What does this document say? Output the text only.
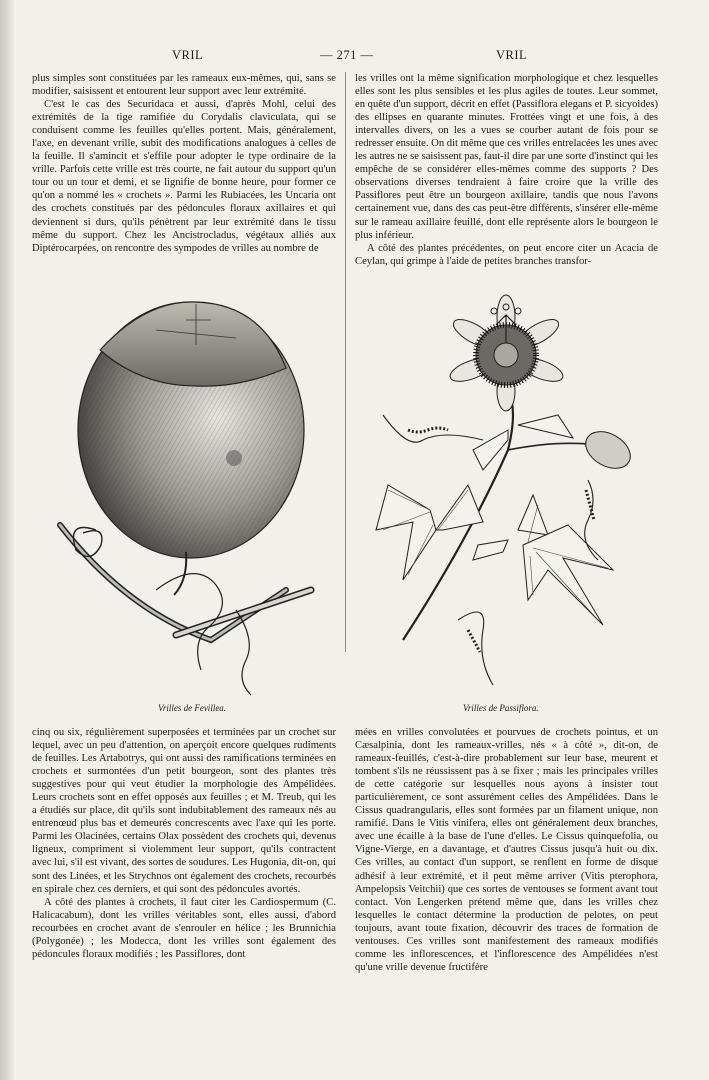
VRIL	— 271 —	VRIL

plus simples sont constituées par les rameaux eux-mêmes, qui, sans se modifier, saisissent et entourent leur support avec leur extrémité.

C'est le cas des Securidaca et aussi, d'après Mohl, celui des extrémités de la tige ramifiée du Corydalis claviculata, qui se conduisent comme les feuilles qu'elles portent. Mais, généralement, l'axe, en devenant vrille, subit des modifications analogues à celles de la feuille. Il s'amincit et s'effile pour adopter le type ordinaire de la vrille. Parfois cette vrille est très courte, ne fait autour du support qu'un tour ou un tour et demi, et se lignifie de bonne heure, pour former ce qu'on a nommé les « crochets ». Parmi les Rubiacées, les Uncaria ont des crochets constitués par des pédoncules floraux axillaires et qui deviennent si durs, qu'ils pénètrent par leur extrémité dans le tissu même du support. Chez les Ancistrocladus, végétaux alliés aux Diptérocarpées, on rencontre des sympodes de vrilles au nombre de

les vrilles ont la même signification morphologique et chez lesquelles elles sont les plus sensibles et les plus agiles de toutes. Leur sommet, en quête d'un support, décrit en effet (Passiflora elegans et P. sicyoides) des ellipses en quarante minutes. Frottées vingt et une fois, à des intervalles divers, on les a vues se courber autant de fois pour se redresser ensuite. On dit même que ces vrilles entrelacées les unes avec les autres ne se saisissent pas, faut-il dire par une sorte d'instinct qui les empêche de se considérer elles-mêmes comme des supports ? Des observations diverses tendraient à faire croire que la vrille des Passiflores peut être un bourgeon axillaire, tandis que nous l'avons certainement vue, dans des cas peut-être différents, s'insérer elle-même sur le rameau axillaire feuillé, dont elle représente alors le bourgeon le plus inférieur.

A côté des plantes précédentes, on peut encore citer un Acacia de Ceylan, qui grimpe à l'aide de petites branches transfor-

Vrilles de Fevillea.	Vrilles de Passiflora.

cinq ou six, régulièrement superposées et terminées par un crochet sur lequel, avec un peu d'attention, on aperçoit encore quelques rudiments de feuilles. Les Artabotrys, qui ont aussi des ramifications terminées en crochets et surmontées d'un petit bourgeon, sont des plantes très suggestives pour qui veut étudier la morphologie des Ampélidées. Leurs crochets sont en effet opposés aux feuilles ; et M. Treub, qui les a étudiés sur place, dit qu'ils sont indubitablement des rameaux nés au entrenœud plus bas et demeurés concrescents avec l'axe qui les porte. Parmi les Olacinées, certains Olax possèdent des crochets qui, devenus ligneux, compriment si violemment leur support, qu'ils contractent avec lui, s'il est vivant, des sortes de soudures. Les Hugonia, dit-on, qui sont des Linées, et les Strychnos ont également des crochets, recourbés en spirale chez ces derniers, et qui sont des pédoncules avortés.

A côté des plantes à crochets, il faut citer les Cardiospermum (C. Halicacabum), dont les vrilles véritables sont, elles aussi, d'abord recourbées en crochet avant de s'enrouler en hélice ; les Brunnichia (Polygonée) ; les Modecca, dont les vrilles sont également des pédoncules floraux modifiés ; les Passiflores, dont

mées en vrilles convolutées et pourvues de crochets pointus, et un Cæsalpinia, dont les rameaux-vrilles, nés « à côté », dit-on, de rameaux-feuillés, c'est-à-dire probablement sur leur base, meurent et tombent s'ils ne réussissent pas à se fixer ; mais les principales vrilles de cette catégorie sur lesquelles nous ayons à insister tout particulièrement, ce sont assurément celles des Ampélidées. Dans le Cissus quadrangularis, elles sont formées par un filament unique, non ramifié. Dans le Vitis vinifera, elles ont généralement deux branches, avec une écaille à la base de l'une d'elles. Le Cissus quinquefolia, ou Vigne-Vierge, en a davantage, et d'autres Cissus jusqu'à huit ou dix. Ces vrilles, au contact d'un support, se renflent en forme de disque adhésif à leur extrémité, et il peut même arriver (Vitis pterophora, Ampelopsis Veitchii) que ces sortes de ventouses se forment avant tout contact. Von Lengerken prétend même que, dans les vrilles chez lesquelles le contact détermine la production de pelotes, on peut toujours, avant toute fixation, découvrir des traces de formation de ventouses. Ces vrilles sont manifestement des rameaux modifiés comme les inflorescences, et l'inflorescence des Ampélidées n'est qu'une vrille devenue fructifère
